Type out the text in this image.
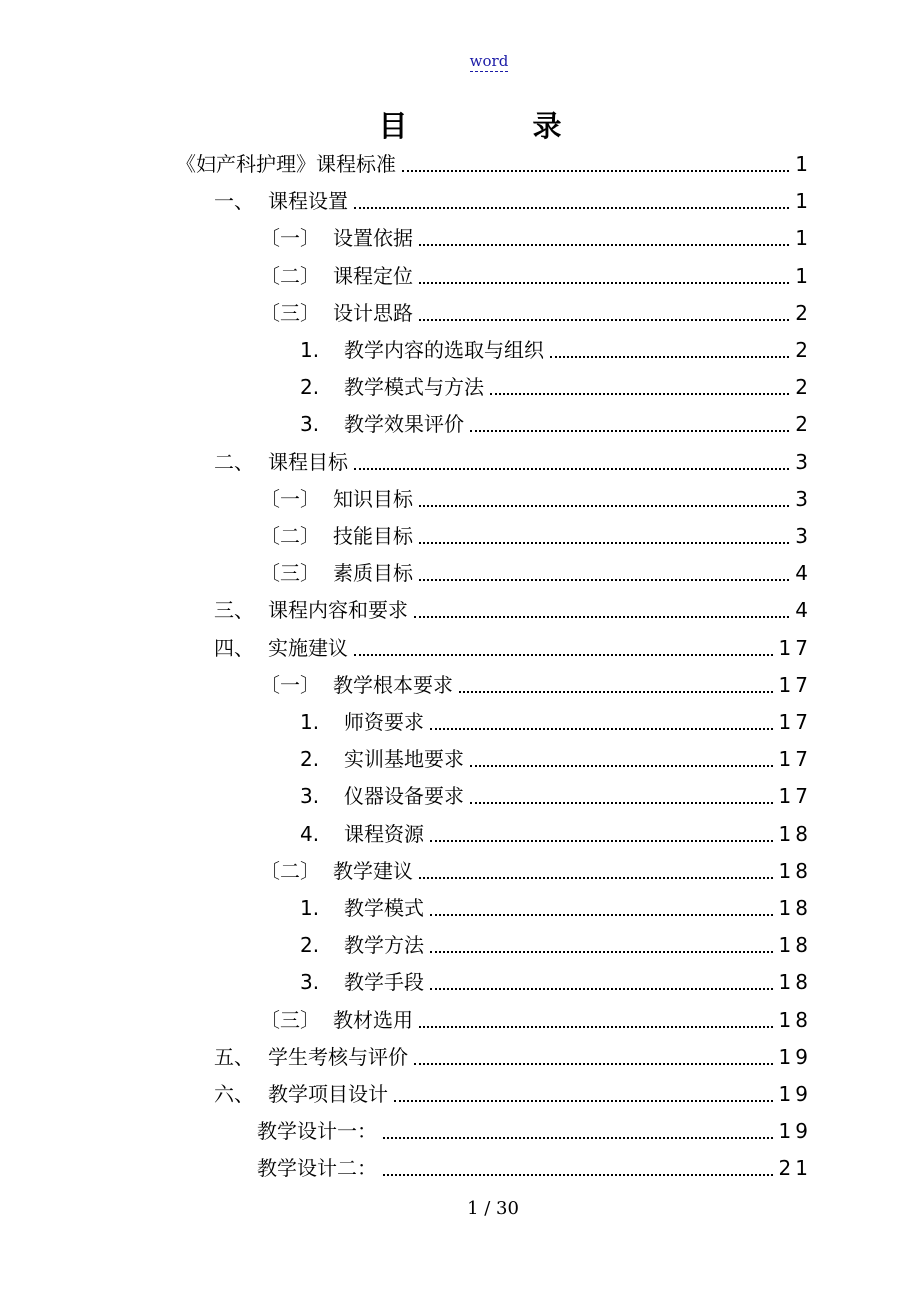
word
目　录
《妇产科护理》课程标准	1
一、 课程设置	1
〔一〕 设置依据	1
〔二〕 课程定位	1
〔三〕 设计思路	2
1.	教学内容的选取与组织	2
2.	教学模式与方法	2
3.	教学效果评价	2
二、 课程目标	3
〔一〕 知识目标	3
〔二〕 技能目标	3
〔三〕 素质目标	4
三、 课程内容和要求	4
四、 实施建议	17
〔一〕 教学根本要求	17
1.	师资要求	17
2.	实训基地要求	17
3.	仪器设备要求	17
4.	课程资源	18
〔二〕 教学建议	18
1.	教学模式	18
2.	教学方法	18
3.	教学手段	18
〔三〕 教材选用	18
五、 学生考核与评价	19
六、 教学项目设计	19
教学设计一：	19
教学设计二：	21
1 / 30
